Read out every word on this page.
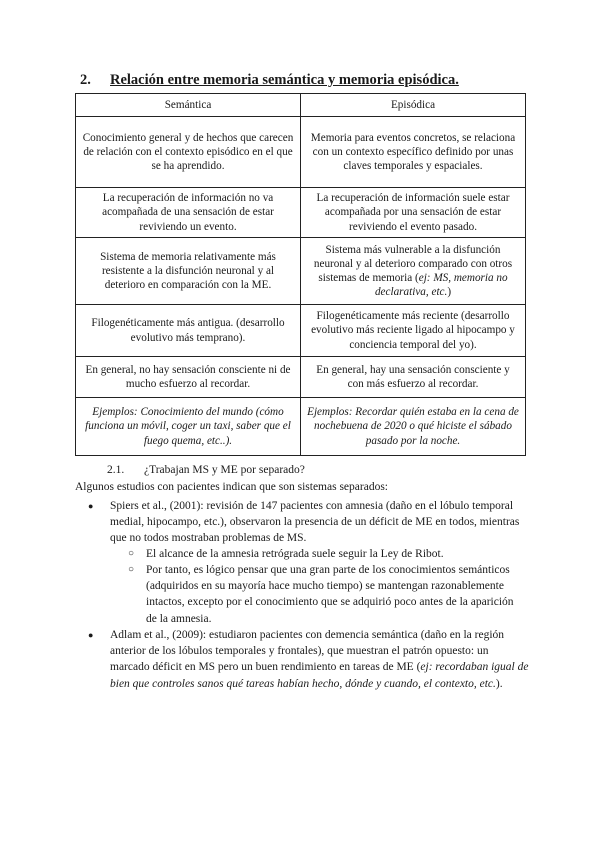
2. Relación entre memoria semántica y memoria episódica.
Semántica	Episódica
Conocimiento general y de hechos que carecen de relación con el contexto episódico en el que se ha aprendido.	Memoria para eventos concretos, se relaciona con un contexto específico definido por unas claves temporales y espaciales.
La recuperación de información no va acompañada de una sensación de estar reviviendo un evento.	La recuperación de información suele estar acompañada por una sensación de estar reviviendo el evento pasado.
Sistema de memoria relativamente más resistente a la disfunción neuronal y al deterioro en comparación con la ME.	Sistema más vulnerable a la disfunción neuronal y al deterioro comparado con otros sistemas de memoria (ej: MS, memoria no declarativa, etc.)
Filogenéticamente más antigua. (desarrollo evolutivo más temprano).	Filogenéticamente más reciente (desarrollo evolutivo más reciente ligado al hipocampo y conciencia temporal del yo).
En general, no hay sensación consciente ni de mucho esfuerzo al recordar.	En general, hay una sensación consciente y con más esfuerzo al recordar.
Ejemplos: Conocimiento del mundo (cómo funciona un móvil, coger un taxi, saber que el fuego quema, etc..).	Ejemplos: Recordar quién estaba en la cena de nochebuena de 2020 o qué hiciste el sábado pasado por la noche.
2.1. ¿Trabajan MS y ME por separado?
Algunos estudios con pacientes indican que son sistemas separados:
● Spiers et al., (2001): revisión de 147 pacientes con amnesia (daño en el lóbulo temporal medial, hipocampo, etc.), observaron la presencia de un déficit de ME en todos, mientras que no todos mostraban problemas de MS.
○ El alcance de la amnesia retrógrada suele seguir la Ley de Ribot.
○ Por tanto, es lógico pensar que una gran parte de los conocimientos semánticos (adquiridos en su mayoría hace mucho tiempo) se mantengan razonablemente intactos, excepto por el conocimiento que se adquirió poco antes de la aparición de la amnesia.
● Adlam et al., (2009): estudiaron pacientes con demencia semántica (daño en la región anterior de los lóbulos temporales y frontales), que muestran el patrón opuesto: un marcado déficit en MS pero un buen rendimiento en tareas de ME (ej: recordaban igual de bien que controles sanos qué tareas habían hecho, dónde y cuando, el contexto, etc.).
